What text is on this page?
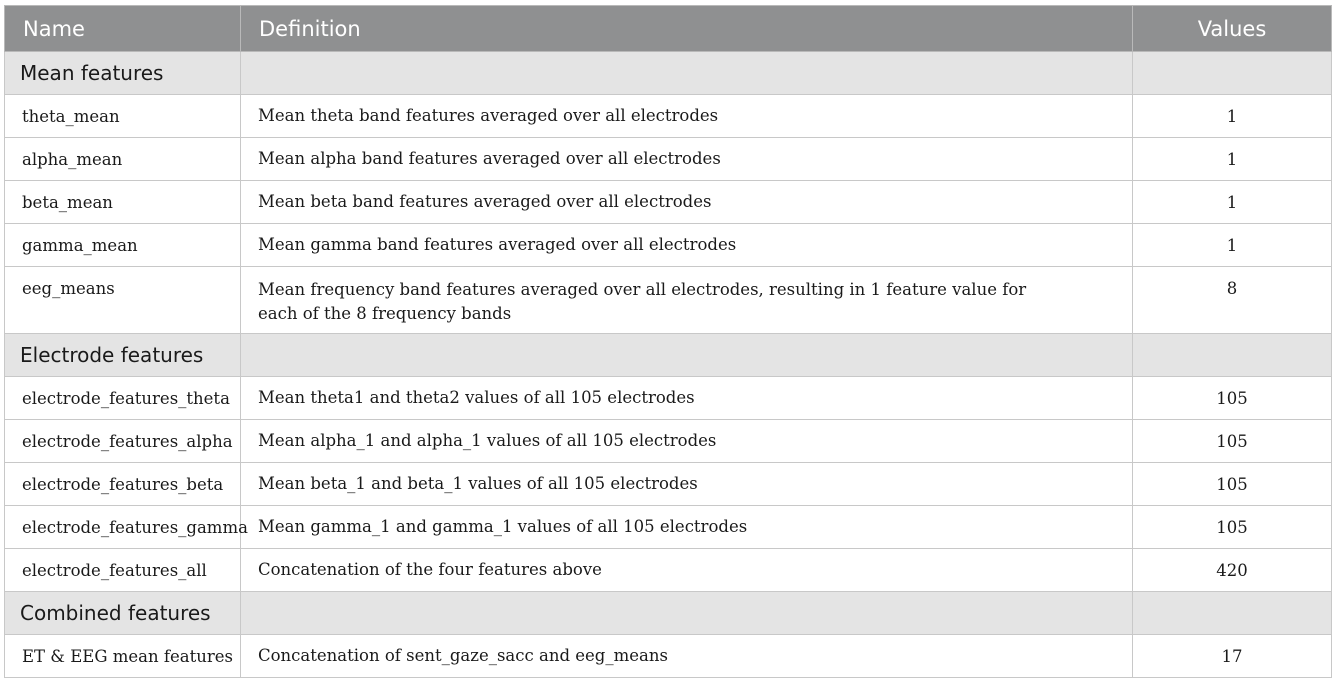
Name	Definition	Values

Mean features		

theta_mean	Mean theta band features averaged over all electrodes	1

alpha_mean	Mean alpha band features averaged over all electrodes	1

beta_mean	Mean beta band features averaged over all electrodes	1

gamma_mean	Mean gamma band features averaged over all electrodes	1

eeg_means	Mean frequency band features averaged over all electrodes, resulting in 1 feature value for each of the 8 frequency bands	8

Electrode features		

electrode_features_theta	Mean theta1 and theta2 values of all 105 electrodes	105

electrode_features_alpha	Mean alpha_1 and alpha_1 values of all 105 electrodes	105

electrode_features_beta	Mean beta_1 and beta_1 values of all 105 electrodes	105

electrode_features_gamma	Mean gamma_1 and gamma_1 values of all 105 electrodes	105

electrode_features_all	Concatenation of the four features above	420

Combined features		

ET & EEG mean features	Concatenation of sent_gaze_sacc and eeg_means	17
